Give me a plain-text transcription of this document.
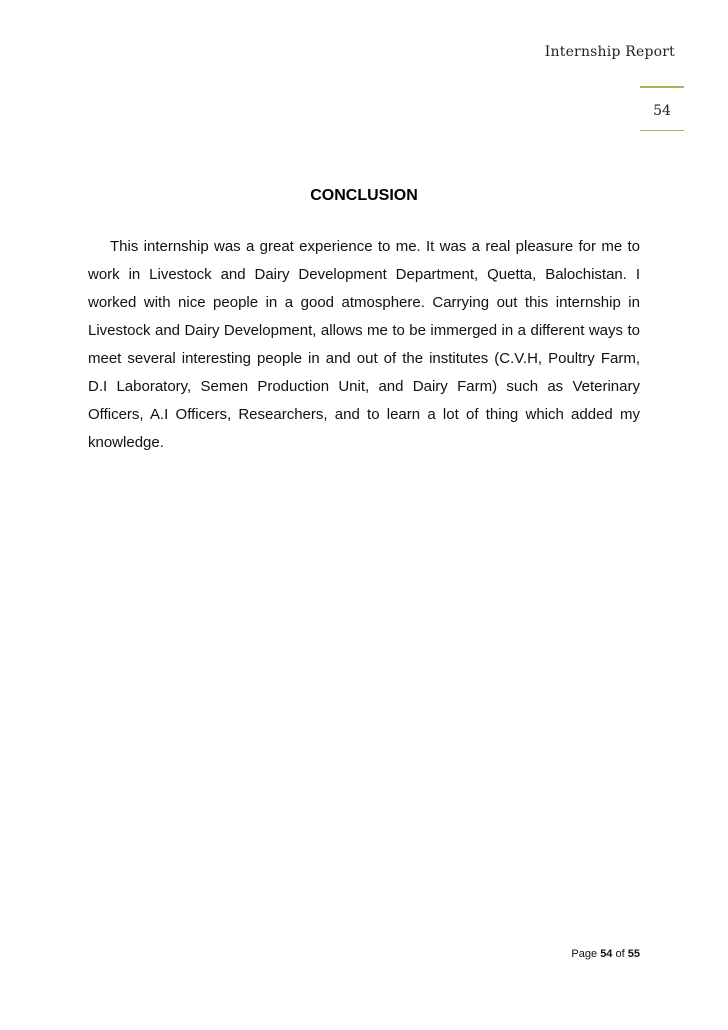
Internship Report
54
CONCLUSION

This internship was a great experience to me. It was a real pleasure for me to work in Livestock and Dairy Development Department, Quetta, Balochistan. I worked with nice people in a good atmosphere. Carrying out this internship in Livestock and Dairy Development, allows me to be immerged in a different ways to meet several interesting people in and out of the institutes (C.V.H, Poultry Farm, D.I Laboratory, Semen Production Unit, and Dairy Farm) such as Veterinary Officers, A.I Officers, Researchers, and to learn a lot of thing which added my knowledge.

Page 54 of 55
